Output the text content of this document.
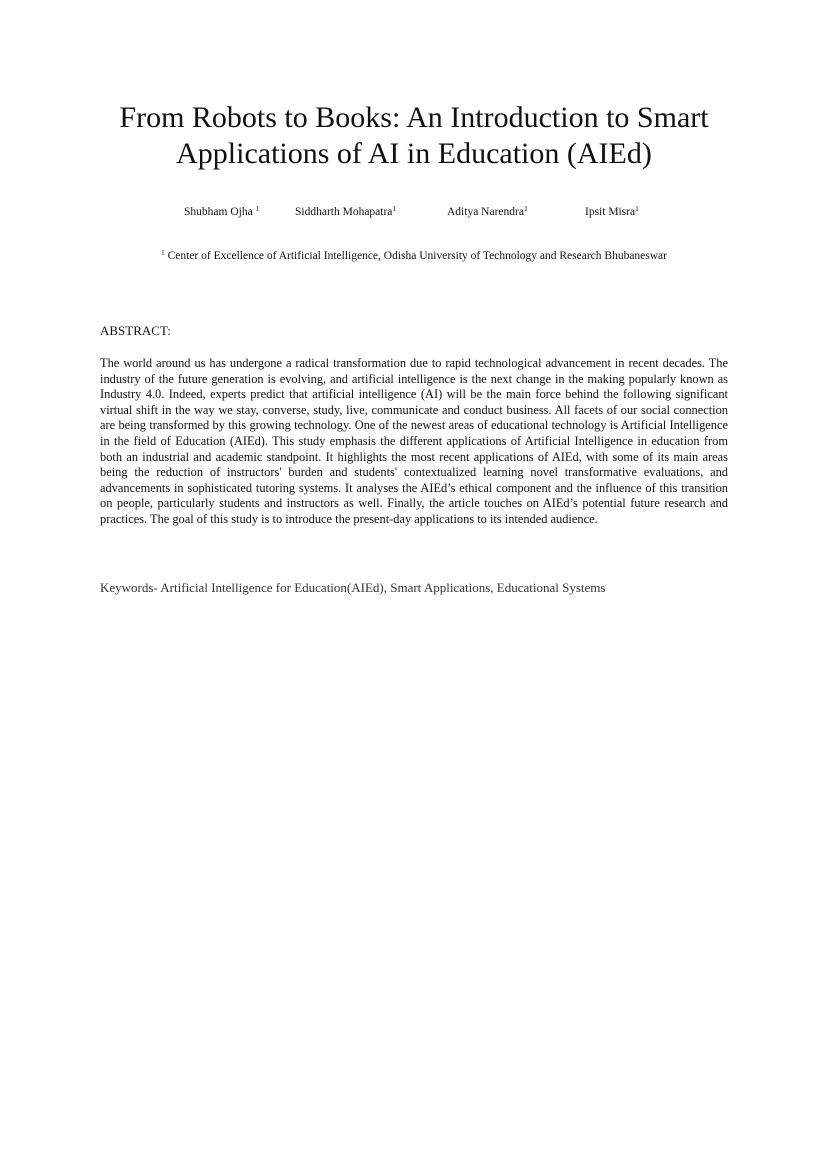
From Robots to Books: An Introduction to Smart
Applications of AI in Education (AIEd)
Shubham Ojha $^1$	Siddharth Mohapatra$^1$	Aditya Narendra$^1$	Ipsit Misra$^1$
$^1$ Center of Excellence of Artificial Intelligence, Odisha University of Technology and Research Bhubaneswar
ABSTRACT:

The world around us has undergone a radical transformation due to rapid technological advancement in recent decades. The industry of the future generation is evolving, and artificial intelligence is the next change in the making popularly known as Industry 4.0. Indeed, experts predict that artificial intelligence (AI) will be the main force behind the following significant virtual shift in the way we stay, converse, study, live, communicate and conduct business. All facets of our social connection are being transformed by this growing technology. One of the newest areas of educational technology is Artificial Intelligence in the field of Education (AIEd). This study emphasis the different applications of Artificial Intelligence in education from both an industrial and academic standpoint. It highlights the most recent applications of AIEd, with some of its main areas being the reduction of instructors' burden and students' contextualized learning novel transformative evaluations, and advancements in sophisticated tutoring systems. It analyses the AIEd’s ethical component and the influence of this transition on people, particularly students and instructors as well. Finally, the article touches on AIEd’s potential future research and practices. The goal of this study is to introduce the present-day applications to its intended audience.

Keywords- Artificial Intelligence for Education(AIEd), Smart Applications, Educational Systems
